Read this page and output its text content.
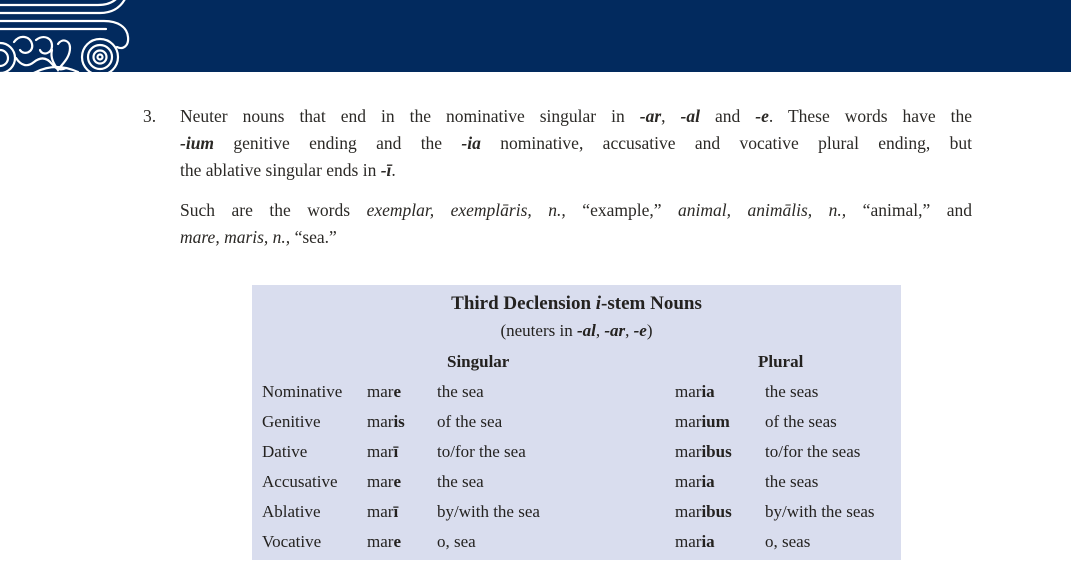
3. Neuter nouns that end in the nominative singular in -ar, -al and -e. These words have the
-ium genitive ending and the -ia nominative, accusative and vocative plural ending, but
the ablative singular ends in -ī.
Such are the words exemplar, exemplāris, n., “example,” animal, animālis, n., “animal,” and
mare, maris, n., “sea.”
Third Declension i-stem Nouns
(neuters in -al, -ar, -e)
Singular	Plural
Nominative	mare	the sea	maria	the seas
Genitive	maris	of the sea	marium	of the seas
Dative	marī	to/for the sea	maribus	to/for the seas
Accusative	mare	the sea	maria	the seas
Ablative	marī	by/with the sea	maribus	by/with the seas
Vocative	mare	o, sea	maria	o, seas
